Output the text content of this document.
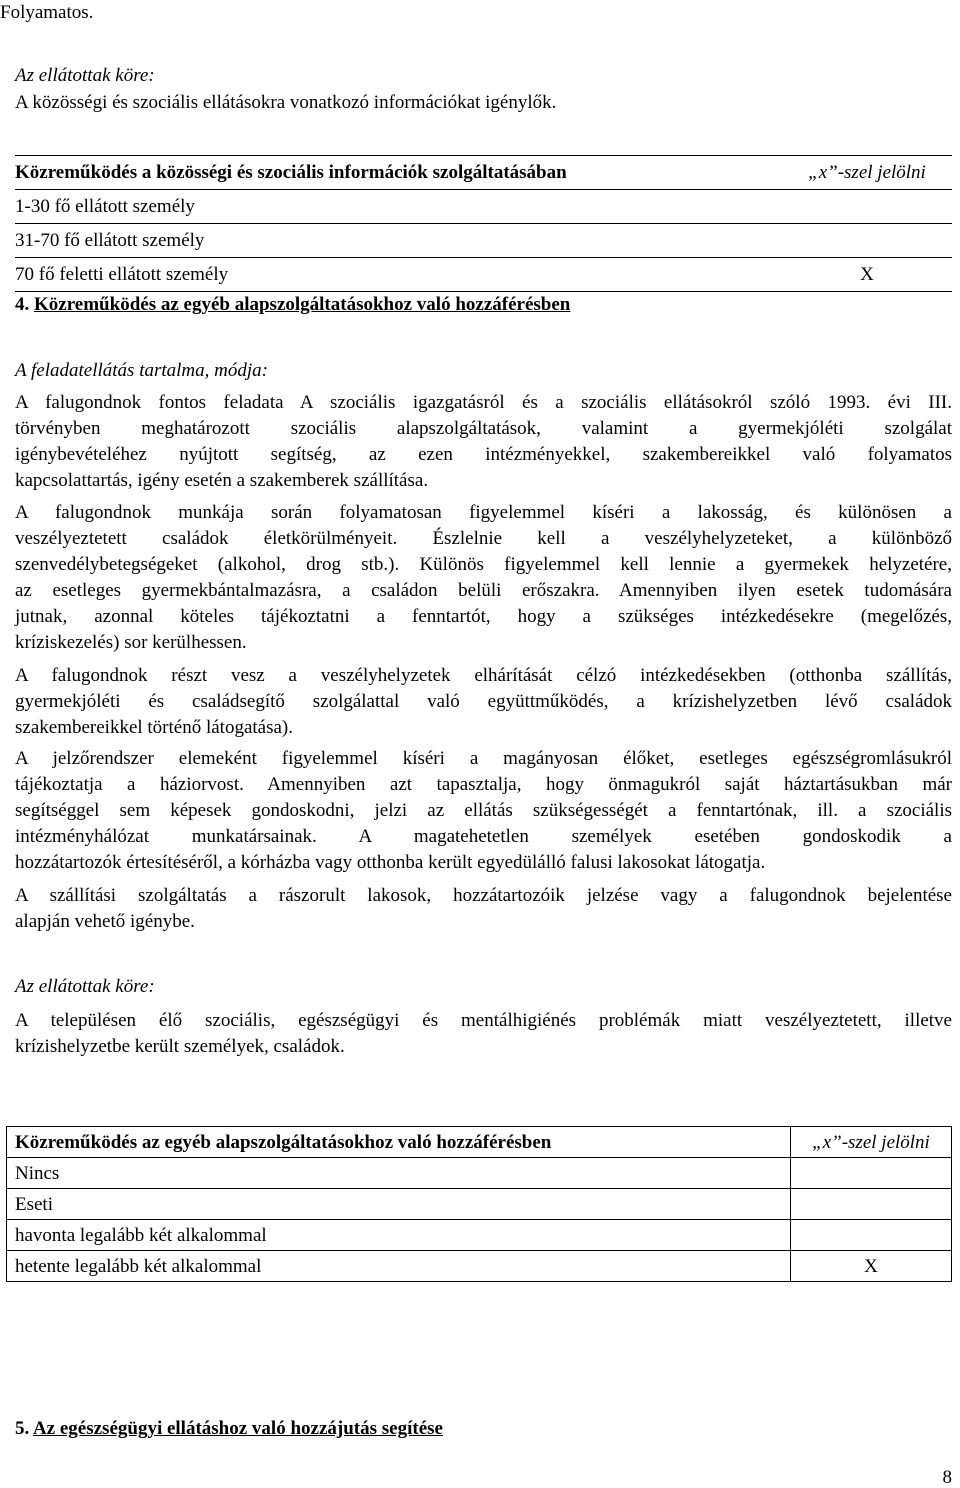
Folyamatos.
Az ellátottak köre:
A közösségi és szociális ellátásokra vonatkozó információkat igénylők.
Közreműködés a közösségi és szociális információk szolgáltatásában	„x”-szel jelölni
1-30 fő ellátott személy
31-70 fő ellátott személy
70 fő feletti ellátott személy	X
4. Közreműködés az egyéb alapszolgáltatásokhoz való hozzáférésben
A feladatellátás tartalma, módja:
A falugondnok fontos feladata A szociális igazgatásról és a szociális ellátásokról szóló 1993. évi III.
törvényben meghatározott szociális alapszolgáltatások, valamint a gyermekjóléti szolgálat
igénybevételéhez nyújtott segítség, az ezen intézményekkel, szakembereikkel való folyamatos
kapcsolattartás, igény esetén a szakemberek szállítása.
A falugondnok munkája során folyamatosan figyelemmel kíséri a lakosság, és különösen a
veszélyeztetett családok életkörülményeit. Észlelnie kell a veszélyhelyzeteket, a különböző
szenvedélybetegségeket (alkohol, drog stb.). Különös figyelemmel kell lennie a gyermekek helyzetére,
az esetleges gyermekbántalmazásra, a családon belüli erőszakra. Amennyiben ilyen esetek tudomására
jutnak, azonnal köteles tájékoztatni a fenntartót, hogy a szükséges intézkedésekre (megelőzés,
kríziskezelés) sor kerülhessen.
A falugondnok részt vesz a veszélyhelyzetek elhárítását célzó intézkedésekben (otthonba szállítás,
gyermekjóléti és családsegítő szolgálattal való együttműködés, a krízishelyzetben lévő családok
szakembereikkel történő látogatása).
A jelzőrendszer elemeként figyelemmel kíséri a magányosan élőket, esetleges egészségromlásukról
tájékoztatja a háziorvost. Amennyiben azt tapasztalja, hogy önmagukról saját háztartásukban már
segítséggel sem képesek gondoskodni, jelzi az ellátás szükségességét a fenntartónak, ill. a szociális
intézményhálózat munkatársainak. A magatehetetlen személyek esetében gondoskodik a
hozzátartozók értesítéséről, a kórházba vagy otthonba került egyedülálló falusi lakosokat látogatja.
A szállítási szolgáltatás a rászorult lakosok, hozzátartozóik jelzése vagy a falugondnok bejelentése
alapján vehető igénybe.
Az ellátottak köre:
A településen élő szociális, egészségügyi és mentálhigiénés problémák miatt veszélyeztetett, illetve
krízishelyzetbe került személyek, családok.
Közreműködés az egyéb alapszolgáltatásokhoz való hozzáférésben	„x”-szel jelölni
Nincs
Eseti
havonta legalább két alkalommal
hetente legalább két alkalommal	X
5. Az egészségügyi ellátáshoz való hozzájutás segítése
8
